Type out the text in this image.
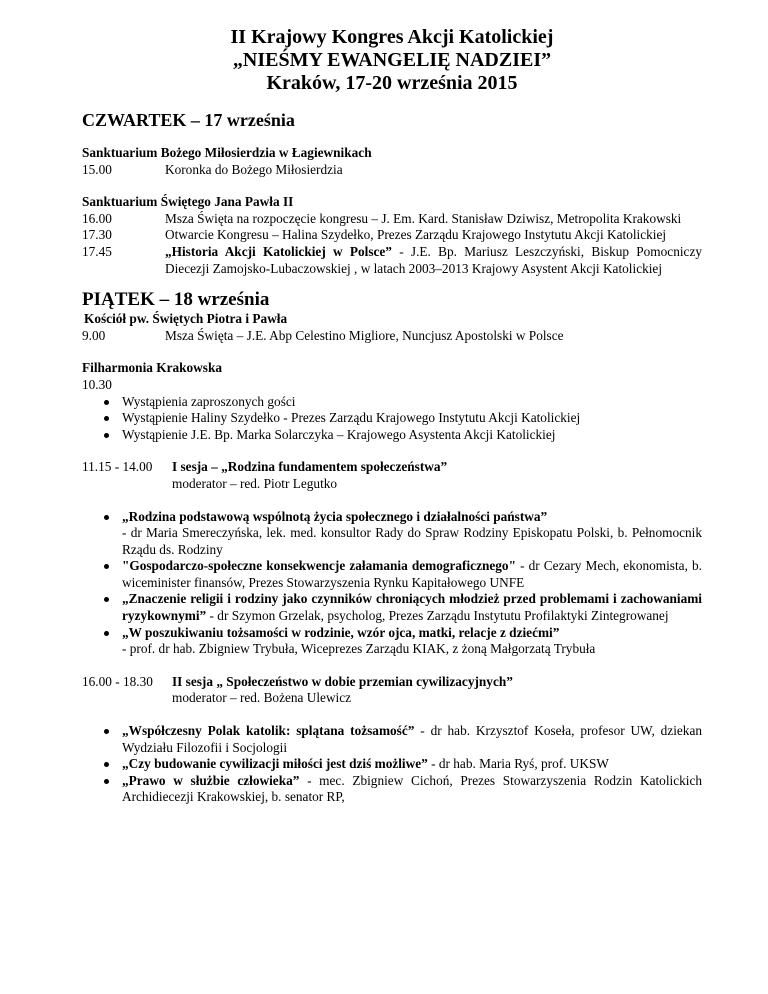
II Krajowy Kongres Akcji Katolickiej
„NIEŚMY EWANGELIĘ NADZIEI”
Kraków, 17-20 września 2015
CZWARTEK – 17 września
Sanktuarium Bożego Miłosierdzia w Łagiewnikach
15.00	Koronka do Bożego Miłosierdzia
Sanktuarium Świętego Jana Pawła II
16.00	Msza Święta na rozpoczęcie kongresu – J. Em. Kard. Stanisław Dziwisz, Metropolita Krakowski
17.30	Otwarcie Kongresu – Halina Szydełko, Prezes Zarządu Krajowego Instytutu Akcji Katolickiej
17.45	„Historia Akcji Katolickiej w Polsce” - J.E. Bp. Mariusz Leszczyński, Biskup Pomocniczy Diecezji Zamojsko-Lubaczowskiej , w latach 2003–2013 Krajowy Asystent Akcji Katolickiej
PIĄTEK – 18 września
Kościół pw. Świętych Piotra i Pawła
9.00	Msza Święta – J.E. Abp Celestino Migliore, Nuncjusz Apostolski w Polsce
Filharmonia Krakowska
10.30
Wystąpienia zaproszonych gości
Wystąpienie Haliny Szydełko - Prezes Zarządu Krajowego Instytutu Akcji Katolickiej
Wystąpienie J.E. Bp. Marka Solarczyka – Krajowego Asystenta Akcji Katolickiej
11.15 - 14.00	I sesja – „Rodzina fundamentem społeczeństwa”
moderator – red. Piotr Legutko
„Rodzina podstawową wspólnotą życia społecznego i działalności państwa”
- dr Maria Smereczyńska, lek. med. konsultor Rady do Spraw Rodziny Episkopatu Polski, b. Pełnomocnik Rządu ds. Rodziny
"Gospodarczo-społeczne konsekwencje załamania demograficznego" - dr Cezary Mech, ekonomista, b. wiceminister finansów, Prezes Stowarzyszenia Rynku Kapitałowego UNFE
„Znaczenie religii i rodziny jako czynników chroniących młodzież przed problemami i zachowaniami ryzykownymi” - dr Szymon Grzelak, psycholog, Prezes Zarządu Instytutu Profilaktyki Zintegrowanej
„W poszukiwaniu tożsamości w rodzinie, wzór ojca, matki, relacje z dziećmi”
- prof. dr hab. Zbigniew Trybuła, Wiceprezes Zarządu KIAK, z żoną Małgorzatą Trybuła
16.00 - 18.30	II sesja „ Społeczeństwo w dobie przemian cywilizacyjnych”
moderator – red. Bożena Ulewicz
„Współczesny Polak katolik: splątana tożsamość” - dr hab. Krzysztof Koseła, profesor UW, dziekan Wydziału Filozofii i Socjologii
„Czy budowanie cywilizacji miłości jest dziś możliwe” - dr hab. Maria Ryś, prof. UKSW
„Prawo w służbie człowieka” - mec. Zbigniew Cichoń, Prezes Stowarzyszenia Rodzin Katolickich Archidiecezji Krakowskiej, b. senator RP,
